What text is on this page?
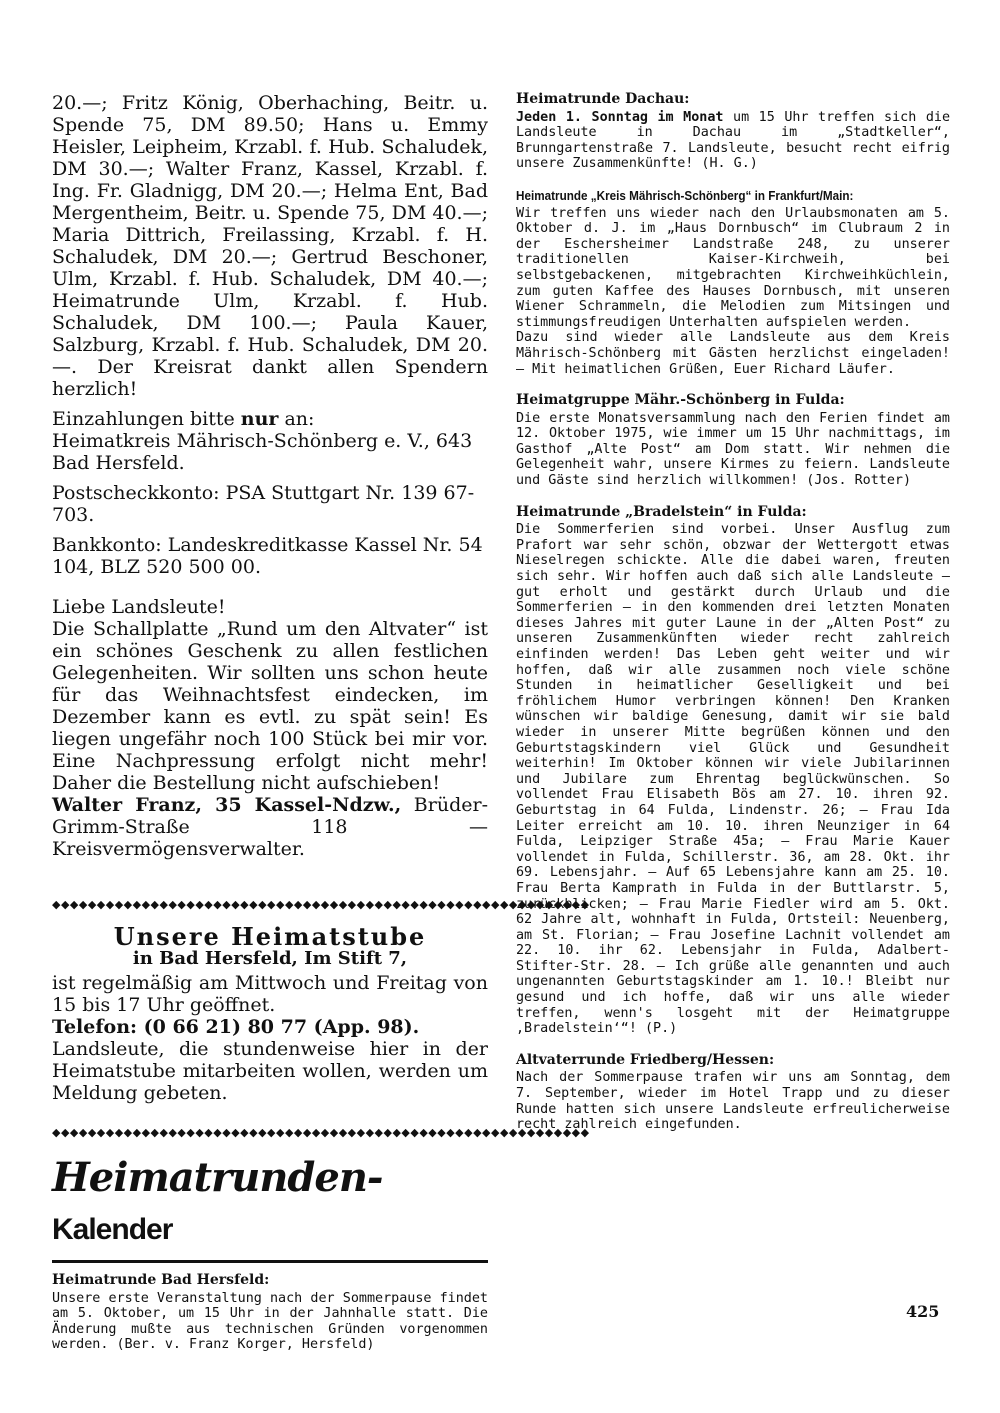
20.—; Fritz König, Oberhaching, Beitr. u. Spende 75, DM 89.50; Hans u. Emmy Heisler, Leipheim, Krzabl. f. Hub. Schaludek, DM 30.—; Walter Franz, Kassel, Krzabl. f. Ing. Fr. Gladnigg, DM 20.—; Helma Ent, Bad Mergentheim, Beitr. u. Spende 75, DM 40.—; Maria Dittrich, Freilassing, Krzabl. f. H. Schaludek, DM 20.—; Gertrud Beschoner, Ulm, Krzabl. f. Hub. Schaludek, DM 40.—; Heimatrunde Ulm, Krzabl. f. Hub. Schaludek, DM 100.—; Paula Kauer, Salzburg, Krzabl. f. Hub. Schaludek, DM 20.—. Der Kreisrat dankt allen Spendern herzlich!

Einzahlungen bitte nur an:

Heimatkreis Mährisch-Schönberg e. V., 643 Bad Hersfeld.

Postscheckkonto: PSA Stuttgart Nr. 139 67-703.

Bankkonto: Landeskreditkasse Kassel Nr. 54 104, BLZ 520 500 00.

Liebe Landsleute!

Die Schallplatte „Rund um den Altvater“ ist ein schönes Geschenk zu allen festlichen Gelegenheiten. Wir sollten uns schon heute für das Weihnachtsfest eindecken, im Dezember kann es evtl. zu spät sein! Es liegen ungefähr noch 100 Stück bei mir vor. Eine Nachpressung erfolgt nicht mehr! Daher die Bestellung nicht aufschieben!

Walter Franz, 35 Kassel-Ndzw., Brüder-Grimm-Straße 118 — Kreisvermögensverwalter.

◆◆◆◆◆◆◆◆◆◆◆◆◆◆◆◆◆◆◆◆◆◆◆◆◆◆◆◆◆◆◆◆◆◆◆◆◆◆◆◆◆◆◆◆◆◆◆◆◆◆◆◆◆◆◆◆◆◆◆◆
Unsere Heimatstube
in Bad Hersfeld, Im Stift 7,

ist regelmäßig am Mittwoch und Freitag von 15 bis 17 Uhr geöffnet.

Telefon: (0 66 21) 80 77 (App. 98).

Landsleute, die stundenweise hier in der Heimatstube mitarbeiten wollen, werden um Meldung gebeten.

◆◆◆◆◆◆◆◆◆◆◆◆◆◆◆◆◆◆◆◆◆◆◆◆◆◆◆◆◆◆◆◆◆◆◆◆◆◆◆◆◆◆◆◆◆◆◆◆◆◆◆◆◆◆◆◆◆◆◆◆
Heimatrunden-Kalender
Heimatrunde Bad Hersfeld:

Unsere erste Veranstaltung nach der Sommerpause findet am 5. Oktober, um 15 Uhr in der Jahnhalle statt. Die Änderung mußte aus technischen Gründen vorgenommen werden. (Ber. v. Franz Korger, Hersfeld)

Heimatrunde Dachau:

Jeden 1. Sonntag im Monat um 15 Uhr treffen sich die Landsleute in Dachau im „Stadtkeller“, Brunngartenstraße 7. Landsleute, besucht recht eifrig unsere Zusammenkünfte! (H. G.)

Heimatrunde „Kreis Mährisch-Schönberg“ in Frankfurt/Main:

Wir treffen uns wieder nach den Urlaubsmonaten am 5. Oktober d. J. im „Haus Dornbusch“ im Clubraum 2 in der Eschersheimer Landstraße 248, zu unserer traditionellen Kaiser-Kirchweih, bei selbstgebackenen, mitgebrachten Kirchweihküchlein, zum guten Kaffee des Hauses Dornbusch, mit unseren Wiener Schrammeln, die Melodien zum Mitsingen und stimmungsfreudigen Unterhalten aufspielen werden.

Dazu sind wieder alle Landsleute aus dem Kreis Mährisch-Schönberg mit Gästen herzlichst eingeladen! — Mit heimatlichen Grüßen, Euer Richard Läufer.

Heimatgruppe Mähr.-Schönberg in Fulda:

Die erste Monatsversammlung nach den Ferien findet am 12. Oktober 1975, wie immer um 15 Uhr nachmittags, im Gasthof „Alte Post“ am Dom statt. Wir nehmen die Gelegenheit wahr, unsere Kirmes zu feiern. Landsleute und Gäste sind herzlich willkommen! (Jos. Rotter)

Heimatrunde „Bradelstein“ in Fulda:

Die Sommerferien sind vorbei. Unser Ausflug zum Prafort war sehr schön, obzwar der Wettergott etwas Nieselregen schickte. Alle die dabei waren, freuten sich sehr. Wir hoffen auch daß sich alle Landsleute — gut erholt und gestärkt durch Urlaub und die Sommerferien — in den kommenden drei letzten Monaten dieses Jahres mit guter Laune in der „Alten Post“ zu unseren Zusammenkünften wieder recht zahlreich einfinden werden! Das Leben geht weiter und wir hoffen, daß wir alle zusammen noch viele schöne Stunden in heimatlicher Geselligkeit und bei fröhlichem Humor verbringen können! Den Kranken wünschen wir baldige Genesung, damit wir sie bald wieder in unserer Mitte begrüßen können und den Geburtstagskindern viel Glück und Gesundheit weiterhin! Im Oktober können wir viele Jubilarinnen und Jubilare zum Ehrentag beglückwünschen. So vollendet Frau Elisabeth Bös am 27. 10. ihren 92. Geburtstag in 64 Fulda, Lindenstr. 26; — Frau Ida Leiter erreicht am 10. 10. ihren Neunziger in 64 Fulda, Leipziger Straße 45a; — Frau Marie Kauer vollendet in Fulda, Schillerstr. 36, am 28. Okt. ihr 69. Lebensjahr. — Auf 65 Lebensjahre kann am 25. 10. Frau Berta Kamprath in Fulda in der Buttlarstr. 5, zurückblicken; — Frau Marie Fiedler wird am 5. Okt. 62 Jahre alt, wohnhaft in Fulda, Ortsteil: Neuenberg, am St. Florian; — Frau Josefine Lachnit vollendet am 22. 10. ihr 62. Lebensjahr in Fulda, Adalbert-Stifter-Str. 28. — Ich grüße alle genannten und auch ungenannten Geburtstagskinder am 1. 10.! Bleibt nur gesund und ich hoffe, daß wir uns alle wieder treffen, wenn's losgeht mit der Heimatgruppe ‚Bradelstein‘“! (P.)

Altvaterrunde Friedberg/Hessen:

Nach der Sommerpause trafen wir uns am Sonntag, dem 7. September, wieder im Hotel Trapp und zu dieser Runde hatten sich unsere Landsleute erfreulicherweise recht zahlreich eingefunden.

425
